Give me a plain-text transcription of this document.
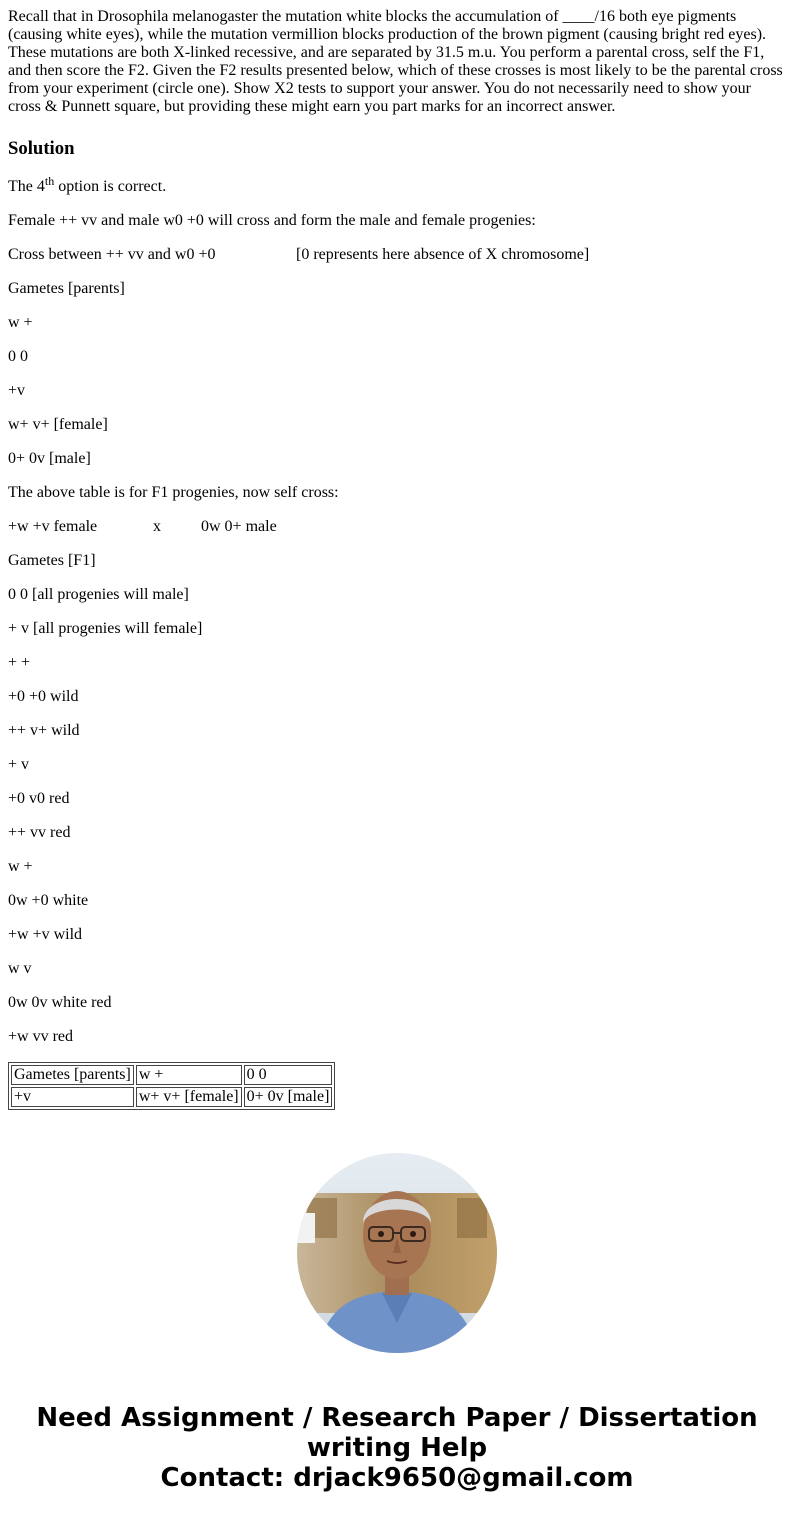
Recall that in Drosophila melanogaster the mutation white blocks the accumulation of ____/16 both eye pigments (causing white eyes), while the mutation vermillion blocks production of the brown pigment (causing bright red eyes). These mutations are both X-linked recessive, and are separated by 31.5 m.u. You perform a parental cross, self the F1, and then score the F2. Given the F2 results presented below, which of these crosses is most likely to be the parental cross from your experiment (circle one). Show X2 tests to support your answer. You do not necessarily need to show your cross & Punnett square, but providing these might earn you part marks for an incorrect answer.
Solution

The 4th option is correct.

Female ++ vv and male w0 +0 will cross and form the male and female progenies:

Cross between ++ vv and w0 +0	[0 represents here absence of X chromosome]

Gametes [parents]

w +

0 0

+v

w+ v+ [female]

0+ 0v [male]

The above table is for F1 progenies, now self cross:

+w +v female	x	0w 0+ male

Gametes [F1]

0 0 [all progenies will male]

+ v [all progenies will female]

+ +

+0 +0 wild

++ v+ wild

+ v

+0 v0 red

++ vv red

w +

0w +0 white

+w +v wild

w v

0w 0v white red

+w vv red

Gametes [parents]	w +	0 0
+v	w+ v+ [female]	0+ 0v [male]
Need Assignment / Research Paper / Dissertation
writing Help
Contact: drjack9650@gmail.com
